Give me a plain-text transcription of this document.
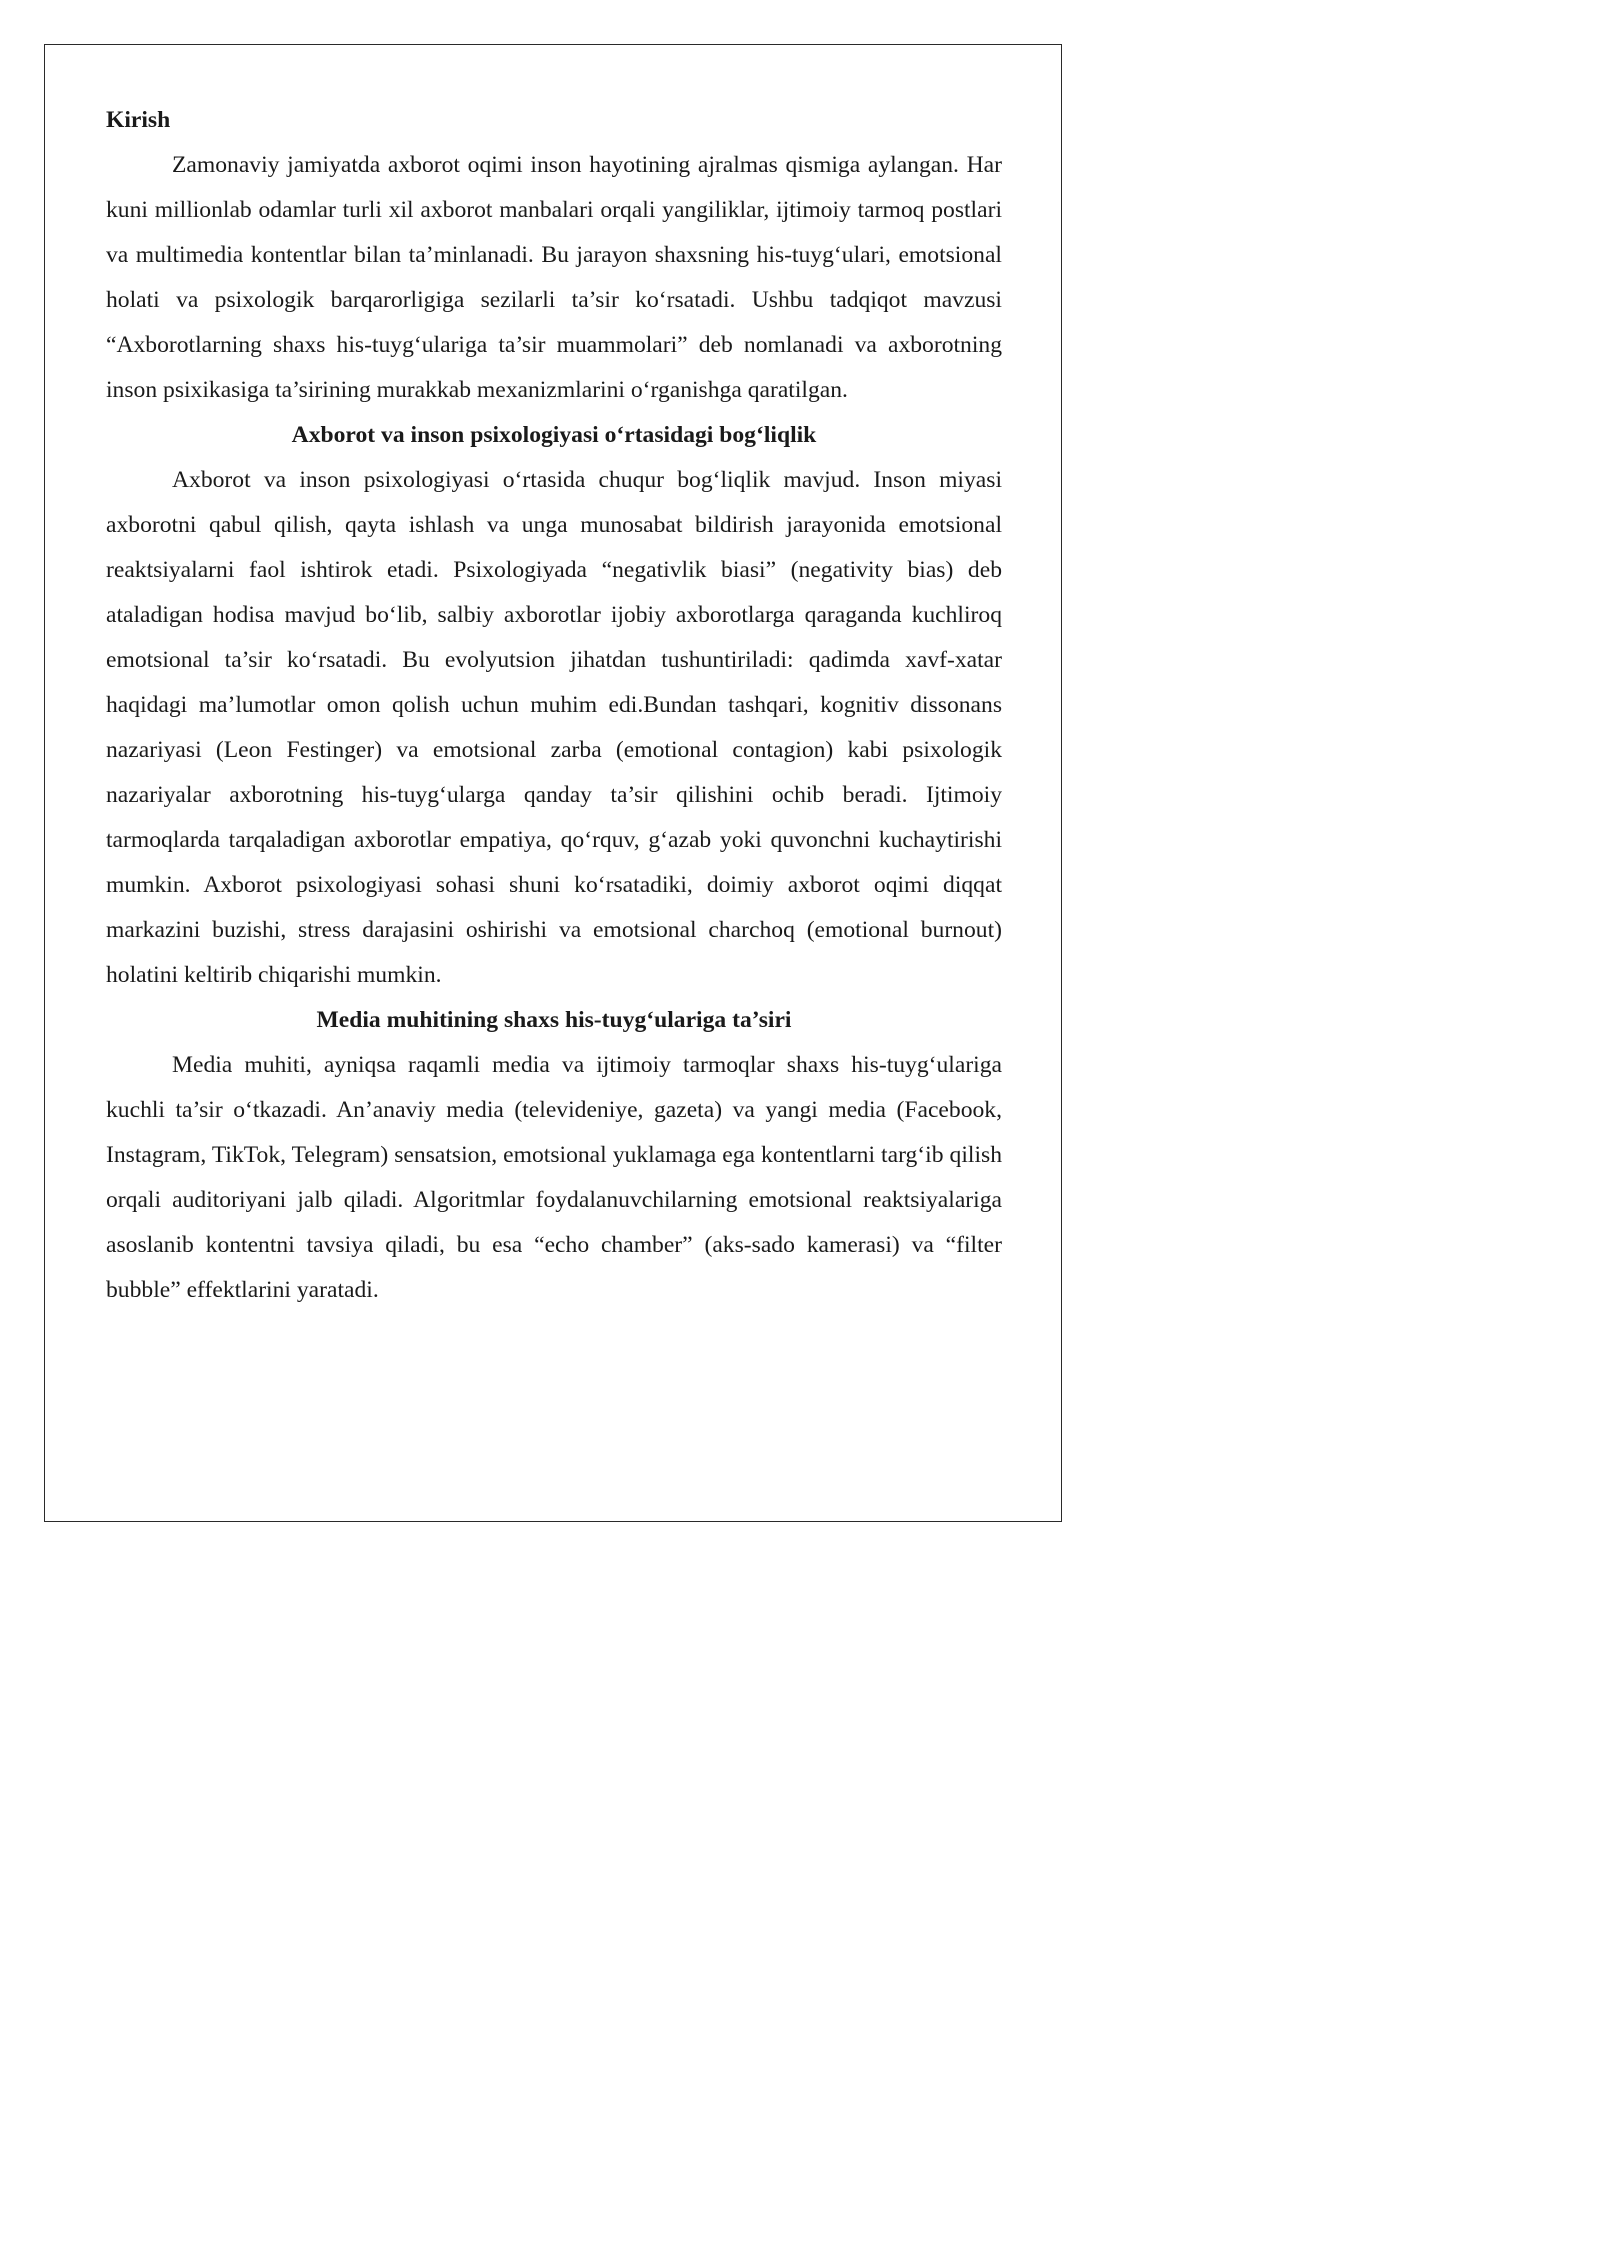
Kirish

Zamonaviy jamiyatda axborot oqimi inson hayotining ajralmas qismiga aylangan. Har kuni millionlab odamlar turli xil axborot manbalari orqali yangiliklar, ijtimoiy tarmoq postlari va multimedia kontentlar bilan ta’minlanadi. Bu jarayon shaxsning his-tuyg‘ulari, emotsional holati va psixologik barqarorligiga sezilarli ta’sir ko‘rsatadi. Ushbu tadqiqot mavzusi “Axborotlarning shaxs his-tuyg‘ulariga ta’sir muammolari” deb nomlanadi va axborotning inson psixikasiga ta’sirining murakkab mexanizmlarini o‘rganishga qaratilgan.

Axborot va inson psixologiyasi o‘rtasidagi bog‘liqlik

Axborot va inson psixologiyasi o‘rtasida chuqur bog‘liqlik mavjud. Inson miyasi axborotni qabul qilish, qayta ishlash va unga munosabat bildirish jarayonida emotsional reaktsiyalarni faol ishtirok etadi. Psixologiyada “negativlik biasi” (negativity bias) deb ataladigan hodisa mavjud bo‘lib, salbiy axborotlar ijobiy axborotlarga qaraganda kuchliroq emotsional ta’sir ko‘rsatadi. Bu evolyutsion jihatdan tushuntiriladi: qadimda xavf-xatar haqidagi ma’lumotlar omon qolish uchun muhim edi.Bundan tashqari, kognitiv dissonans nazariyasi (Leon Festinger) va emotsional zarba (emotional contagion) kabi psixologik nazariyalar axborotning his-tuyg‘ularga qanday ta’sir qilishini ochib beradi. Ijtimoiy tarmoqlarda tarqaladigan axborotlar empatiya, qo‘rquv, g‘azab yoki quvonchni kuchaytirishi mumkin. Axborot psixologiyasi sohasi shuni ko‘rsatadiki, doimiy axborot oqimi diqqat markazini buzishi, stress darajasini oshirishi va emotsional charchoq (emotional burnout) holatini keltirib chiqarishi mumkin.

Media muhitining shaxs his-tuyg‘ulariga ta’siri

Media muhiti, ayniqsa raqamli media va ijtimoiy tarmoqlar shaxs his-tuyg‘ulariga kuchli ta’sir o‘tkazadi. An’anaviy media (televideniye, gazeta) va yangi media (Facebook, Instagram, TikTok, Telegram) sensatsion, emotsional yuklamaga ega kontentlarni targ‘ib qilish orqali auditoriyani jalb qiladi. Algoritmlar foydalanuvchilarning emotsional reaktsiyalariga asoslanib kontentni tavsiya qiladi, bu esa “echo chamber” (aks-sado kamerasi) va “filter bubble” effektlarini yaratadi.
